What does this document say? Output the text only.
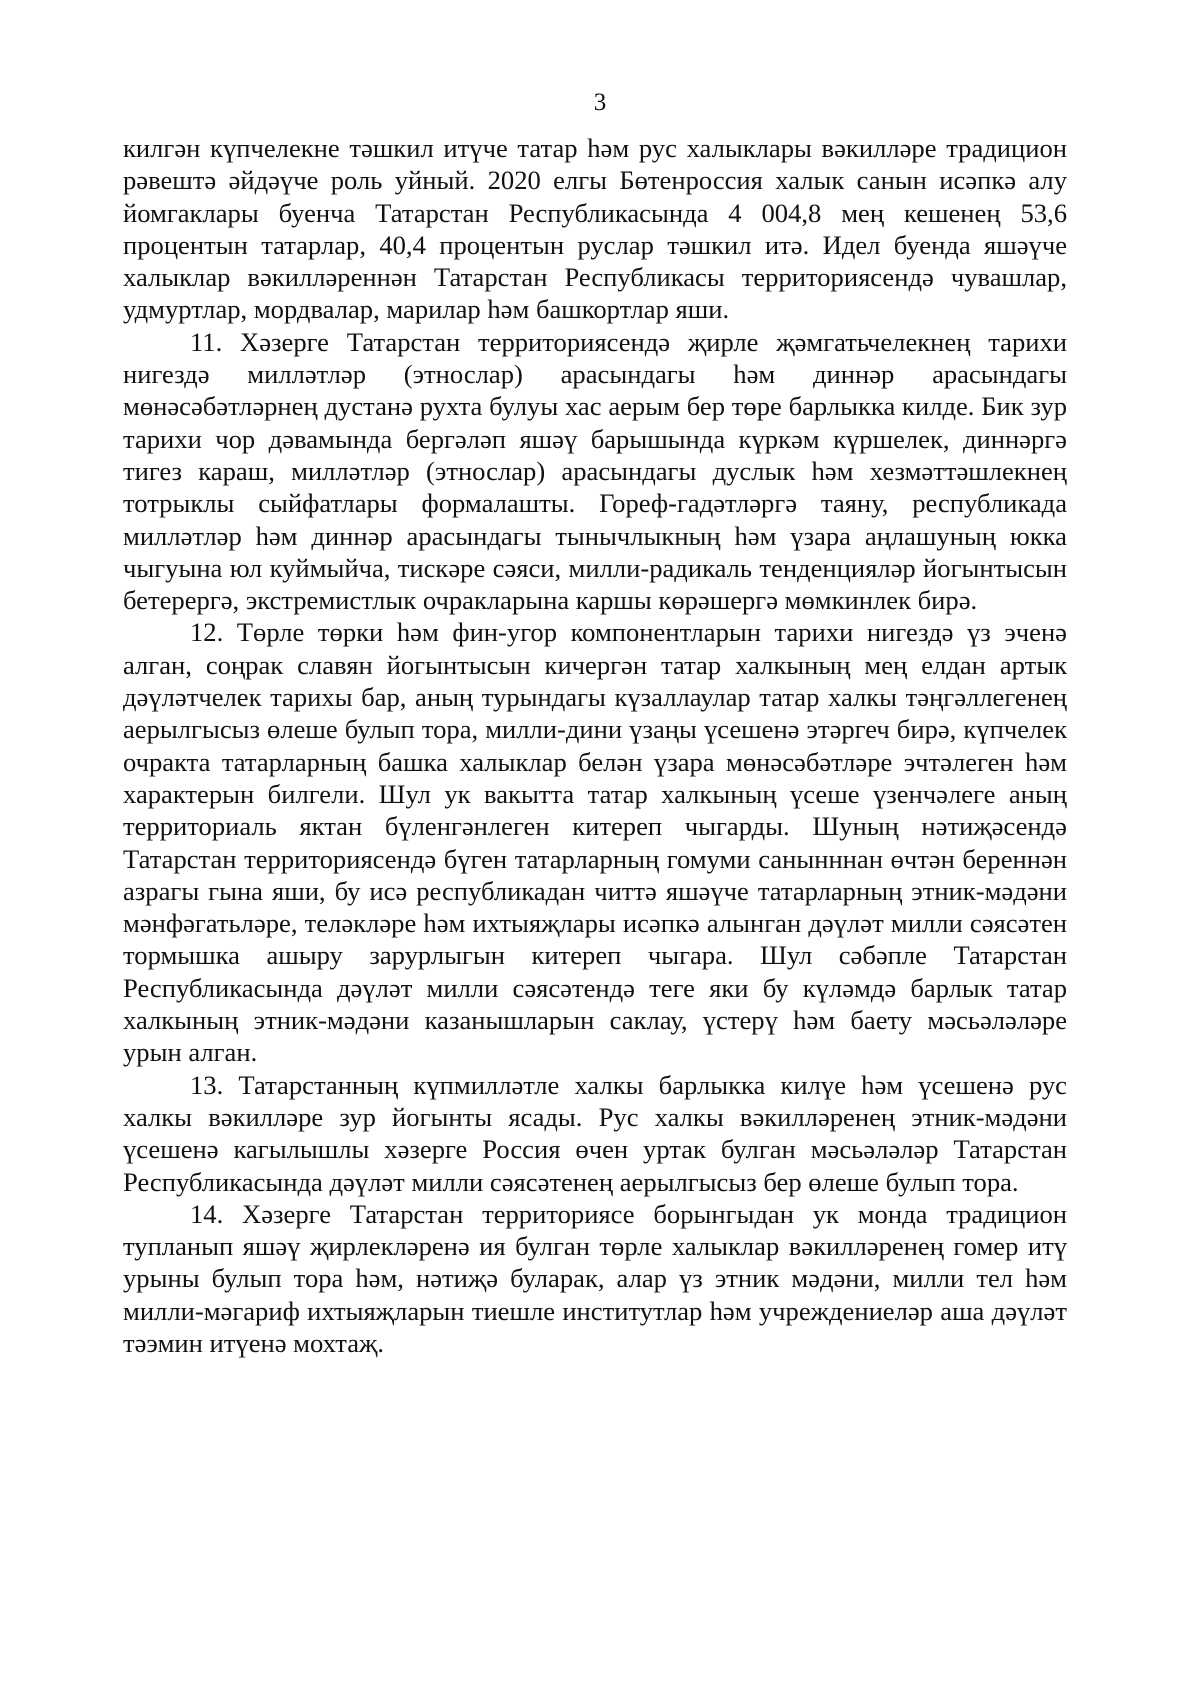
3

килгән күпчелекне тәшкил итүче татар һәм рус халыклары вәкилләре традицион рәвештә әйдәүче роль уйный. 2020 елгы Бөтенроссия халык санын исәпкә алу йомгаклары буенча Татарстан Республикасында 4 004,8 мең кешенең 53,6 процентын татарлар, 40,4 процентын руслар тәшкил итә. Идел буенда яшәүче халыклар вәкилләреннән Татарстан Республикасы территориясендә чувашлар, удмуртлар, мордвалар, марилар һәм башкортлар яши.

11. Хәзерге Татарстан территориясендә җирле җәмгатьчелекнең тарихи нигездә милләтләр (этнослар) арасындагы һәм диннәр арасындагы мөнәсәбәтләрнең дустанә рухта булуы хас аерым бер төре барлыкка килде. Бик зур тарихи чор дәвамында бергәләп яшәү барышында күркәм күршелек, диннәргә тигез караш, милләтләр (этнослар) арасындагы дуслык һәм хезмәттәшлекнең тотрыклы сыйфатлары формалашты. Гореф-гадәтләргә таяну, республикада милләтләр һәм диннәр арасындагы тынычлыкның һәм үзара аңлашуның юкка чыгуына юл куймыйча, тискәре сәяси, милли-радикаль тенденцияләр йогынтысын бетерергә, экстремистлык очракларына каршы көрәшергә мөмкинлек бирә.

12. Төрле төрки һәм фин-угор компонентларын тарихи нигездә үз эченә алган, соңрак славян йогынтысын кичергән татар халкының мең елдан артык дәүләтчелек тарихы бар, аның турындагы күзаллаулар татар халкы тәңгәллегенең аерылгысыз өлеше булып тора, милли-дини үзаңы үсешенә этәргеч бирә, күпчелек очракта татарларның башка халыклар белән үзара мөнәсәбәтләре эчтәлеген һәм характерын билгели. Шул ук вакытта татар халкының үсеше үзенчәлеге аның территориаль яктан бүленгәнлеген китереп чыгарды. Шуның нәтиҗәсендә Татарстан территориясендә бүген татарларның гомуми санынннан өчтән береннән азрагы гына яши, бу исә республикадан читтә яшәүче татарларның этник-мәдәни мәнфәгатьләре, теләкләре һәм ихтыяҗлары исәпкә алынган дәүләт милли сәясәтен тормышка ашыру зарурлыгын китереп чыгара. Шул сәбәпле Татарстан Республикасында дәүләт милли сәясәтендә теге яки бу күләмдә барлык татар халкының этник-мәдәни казанышларын саклау, үстерү һәм баету мәсьәләләре урын алган.

13. Татарстанның күпмилләтле халкы барлыкка килүе һәм үсешенә рус халкы вәкилләре зур йогынты ясады. Рус халкы вәкилләренең этник-мәдәни үсешенә кагылышлы хәзерге Россия өчен уртак булган мәсьәләләр Татарстан Республикасында дәүләт милли сәясәтенең аерылгысыз бер өлеше булып тора.

14. Хәзерге Татарстан территориясе борынгыдан ук монда традицион тупланып яшәү җирлекләренә ия булган төрле халыклар вәкилләренең гомер итү урыны булып тора һәм, нәтиҗә буларак, алар үз этник мәдәни, милли тел һәм милли-мәгариф ихтыяҗларын тиешле институтлар һәм учреждениеләр аша дәүләт тәэмин итүенә мохтаҗ.
